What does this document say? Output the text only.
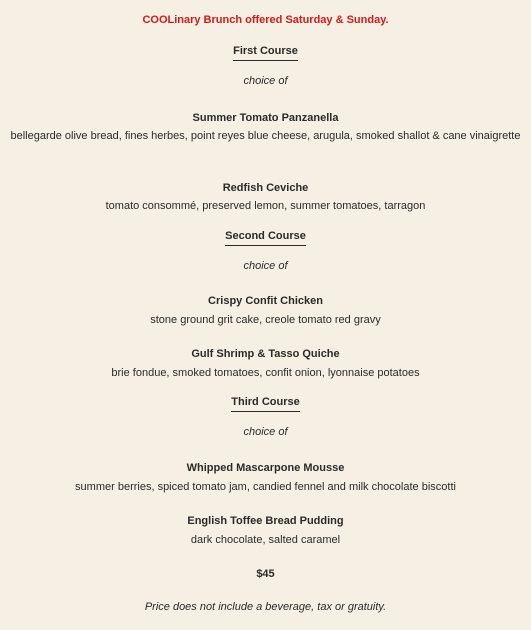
COOLinary Brunch offered Saturday & Sunday.
First Course
choice of
Summer Tomato Panzanella
bellegarde olive bread, fines herbes, point reyes blue cheese, arugula, smoked shallot & cane vinaigrette
Redfish Ceviche
tomato consommé, preserved lemon, summer tomatoes, tarragon
Second Course
choice of
Crispy Confit Chicken
stone ground grit cake, creole tomato red gravy
Gulf Shrimp & Tasso Quiche
brie fondue, smoked tomatoes, confit onion, lyonnaise potatoes
Third Course
choice of
Whipped Mascarpone Mousse
summer berries, spiced tomato jam, candied fennel and milk chocolate biscotti
English Toffee Bread Pudding
dark chocolate, salted caramel
$45
Price does not include a beverage, tax or gratuity.
